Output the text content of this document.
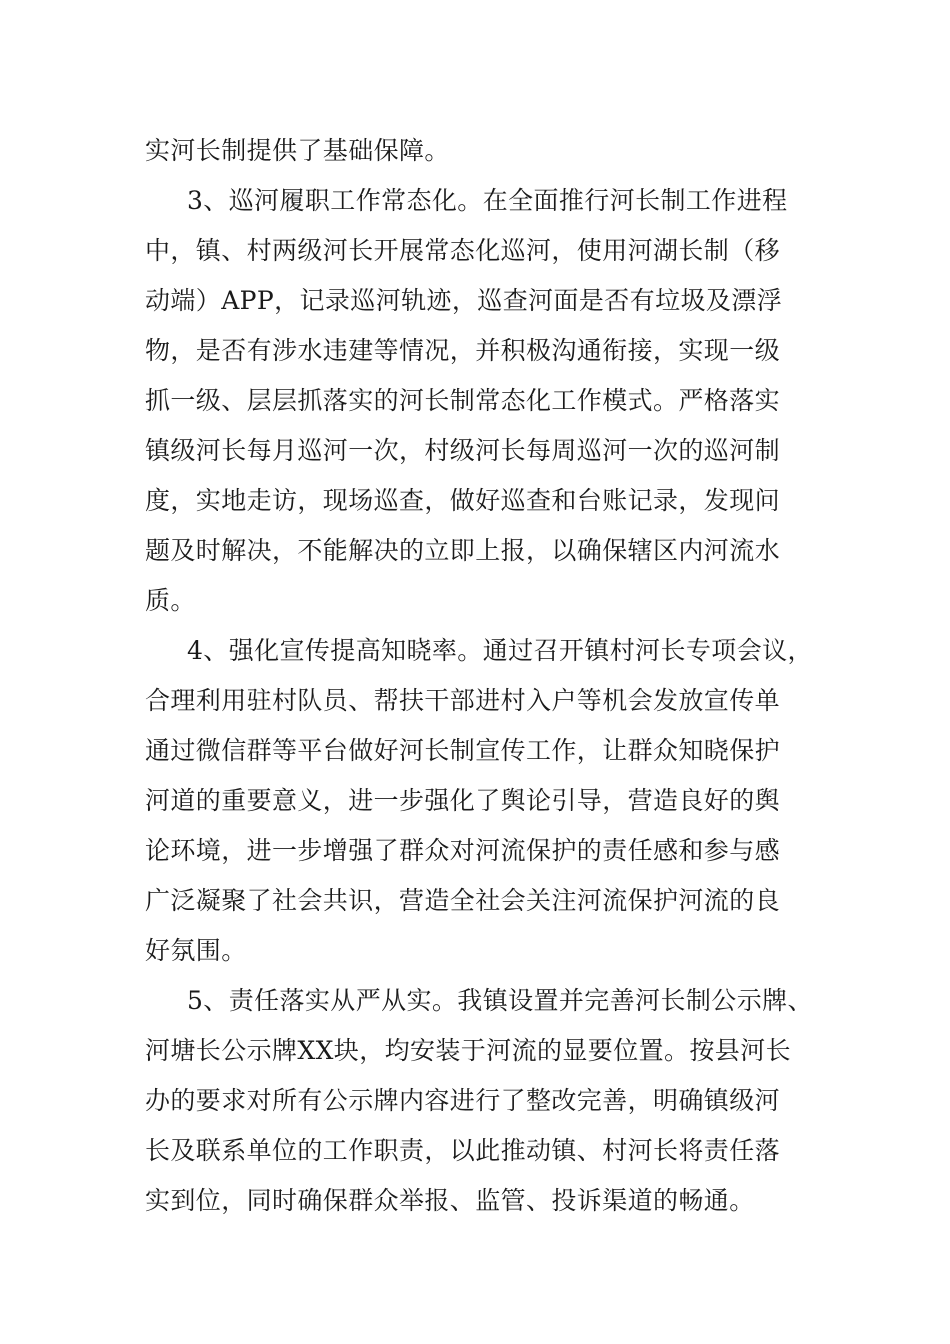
实河长制提供了基础保障。
3、巡河履职工作常态化。在全面推行河长制工作进程
中，镇、村两级河长开展常态化巡河，使用河湖长制（移
动端）APP，记录巡河轨迹，巡查河面是否有垃圾及漂浮
物，是否有涉水违建等情况，并积极沟通衔接，实现一级
抓一级、层层抓落实的河长制常态化工作模式。严格落实
镇级河长每月巡河一次，村级河长每周巡河一次的巡河制
度，实地走访，现场巡查，做好巡查和台账记录，发现问
题及时解决，不能解决的立即上报，以确保辖区内河流水
质。
4、强化宣传提高知晓率。通过召开镇村河长专项会议，
合理利用驻村队员、帮扶干部进村入户等机会发放宣传单
通过微信群等平台做好河长制宣传工作，让群众知晓保护
河道的重要意义，进一步强化了舆论引导，营造良好的舆
论环境，进一步增强了群众对河流保护的责任感和参与感
广泛凝聚了社会共识，营造全社会关注河流保护河流的良
好氛围。
5、责任落实从严从实。我镇设置并完善河长制公示牌、
河塘长公示牌XX块，均安装于河流的显要位置。按县河长
办的要求对所有公示牌内容进行了整改完善，明确镇级河
长及联系单位的工作职责，以此推动镇、村河长将责任落
实到位，同时确保群众举报、监管、投诉渠道的畅通。
